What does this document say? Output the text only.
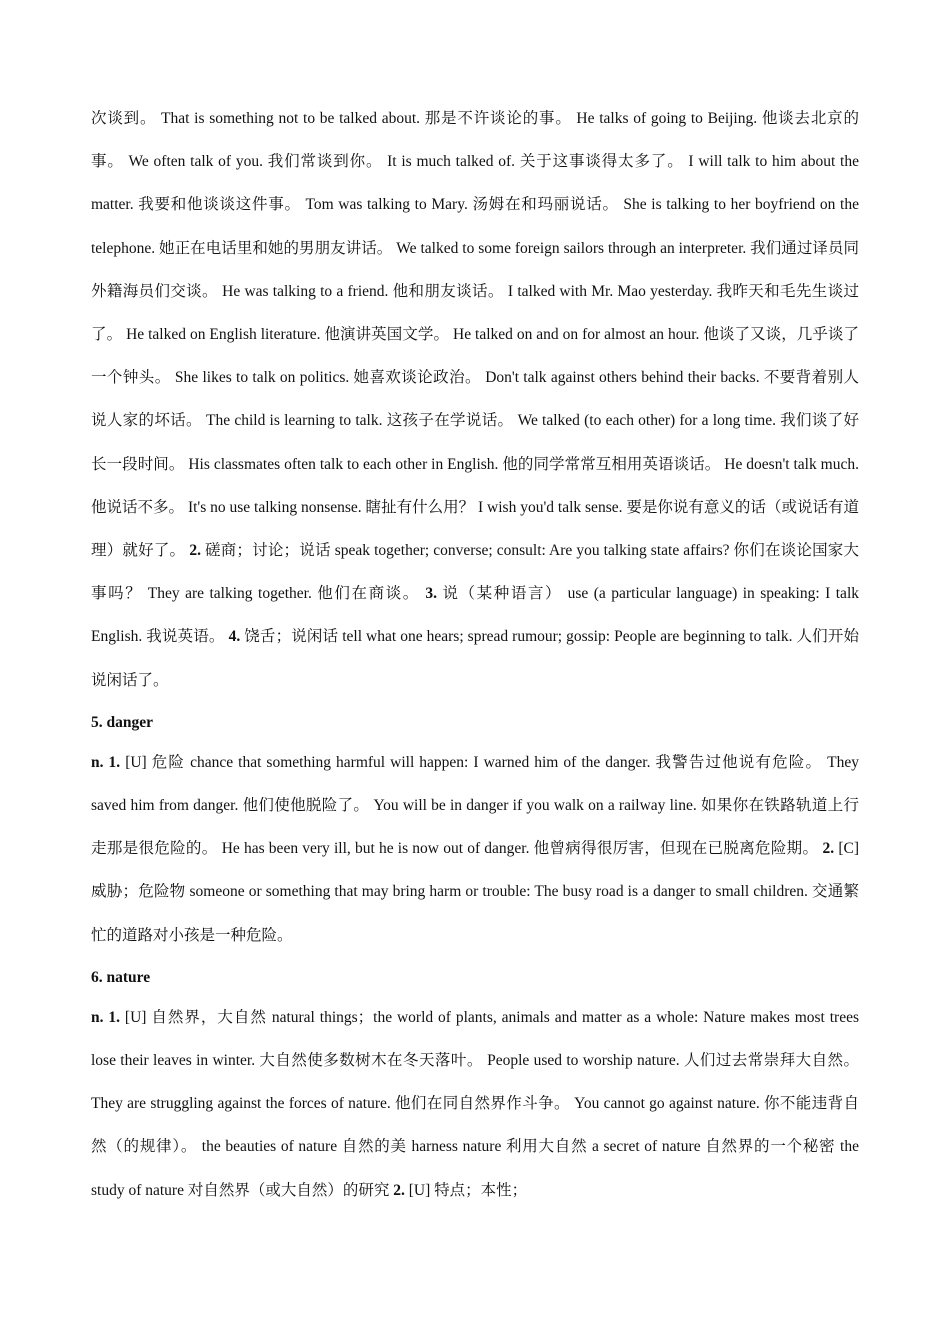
次谈到。 That is something not to be talked about. 那是不许谈论的事。 He talks of going to Beijing. 他谈去北京的事。 We often talk of you. 我们常谈到你。 It is much talked of. 关于这事谈得太多了。 I will talk to him about the matter. 我要和他谈谈这件事。 Tom was talking to Mary. 汤姆在和玛丽说话。 She is talking to her boyfriend on the telephone. 她正在电话里和她的男朋友讲话。 We talked to some foreign sailors through an interpreter. 我们通过译员同外籍海员们交谈。 He was talking to a friend. 他和朋友谈话。 I talked with Mr. Mao yesterday. 我昨天和毛先生谈过了。 He talked on English literature. 他演讲英国文学。 He talked on and on for almost an hour. 他谈了又谈，几乎谈了一个钟头。 She likes to talk on politics. 她喜欢谈论政治。 Don't talk against others behind their backs. 不要背着别人说人家的坏话。 The child is learning to talk. 这孩子在学说话。 We talked (to each other) for a long time. 我们谈了好长一段时间。 His classmates often talk to each other in English. 他的同学常常互相用英语谈话。 He doesn't talk much. 他说话不多。 It's no use talking nonsense. 瞎扯有什么用？ I wish you'd talk sense. 要是你说有意义的话（或说话有道理）就好了。 2. 磋商；讨论；说话 speak together; converse; consult: Are you talking state affairs? 你们在谈论国家大事吗？ They are talking together. 他们在商谈。 3. 说（某种语言） use (a particular language) in speaking: I talk English. 我说英语。 4. 饶舌；说闲话 tell what one hears; spread rumour; gossip: People are beginning to talk. 人们开始说闲话了。

5. danger

n. 1. [U] 危险 chance that something harmful will happen: I warned him of the danger. 我警告过他说有危险。 They saved him from danger. 他们使他脱险了。 You will be in danger if you walk on a railway line. 如果你在铁路轨道上行走那是很危险的。 He has been very ill, but he is now out of danger. 他曾病得很厉害，但现在已脱离危险期。 2. [C] 威胁；危险物 someone or something that may bring harm or trouble: The busy road is a danger to small children. 交通繁忙的道路对小孩是一种危险。

6. nature

n. 1. [U] 自然界，大自然 natural things；the world of plants, animals and matter as a whole: Nature makes most trees lose their leaves in winter. 大自然使多数树木在冬天落叶。 People used to worship nature. 人们过去常崇拜大自然。 They are struggling against the forces of nature. 他们在同自然界作斗争。 You cannot go against nature. 你不能违背自然（的规律）。 the beauties of nature 自然的美 harness nature 利用大自然 a secret of nature 自然界的一个秘密 the study of nature 对自然界（或大自然）的研究 2. [U] 特点；本性；
